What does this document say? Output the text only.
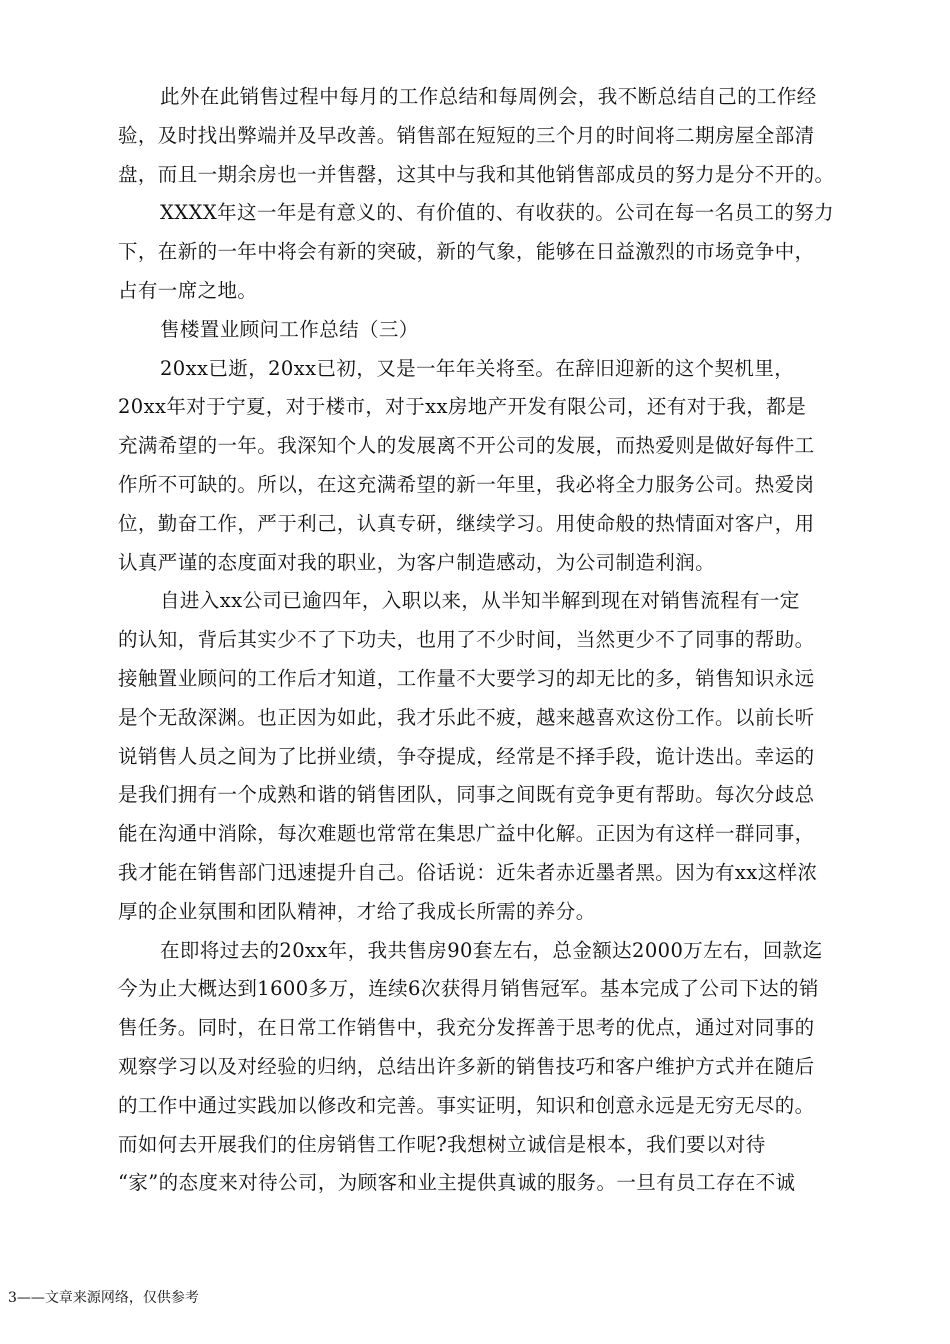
此外在此销售过程中每月的工作总结和每周例会，我不断总结自己的工作经
验，及时找出弊端并及早改善。销售部在短短的三个月的时间将二期房屋全部清
盘，而且一期余房也一并售罄，这其中与我和其他销售部成员的努力是分不开的。
XXXX年这一年是有意义的、有价值的、有收获的。公司在每一名员工的努力
下，在新的一年中将会有新的突破，新的气象，能够在日益激烈的市场竞争中，
占有一席之地。
售楼置业顾问工作总结（三）
20xx已逝，20xx已初，又是一年年关将至。在辞旧迎新的这个契机里，
20xx年对于宁夏，对于楼市，对于xx房地产开发有限公司，还有对于我，都是
充满希望的一年。我深知个人的发展离不开公司的发展，而热爱则是做好每件工
作所不可缺的。所以，在这充满希望的新一年里，我必将全力服务公司。热爱岗
位，勤奋工作，严于利己，认真专研，继续学习。用使命般的热情面对客户，用
认真严谨的态度面对我的职业，为客户制造感动，为公司制造利润。
自进入xx公司已逾四年，入职以来，从半知半解到现在对销售流程有一定
的认知，背后其实少不了下功夫，也用了不少时间，当然更少不了同事的帮助。
接触置业顾问的工作后才知道，工作量不大要学习的却无比的多，销售知识永远
是个无敌深渊。也正因为如此，我才乐此不疲，越来越喜欢这份工作。以前长听
说销售人员之间为了比拼业绩，争夺提成，经常是不择手段，诡计迭出。幸运的
是我们拥有一个成熟和谐的销售团队，同事之间既有竞争更有帮助。每次分歧总
能在沟通中消除，每次难题也常常在集思广益中化解。正因为有这样一群同事，
我才能在销售部门迅速提升自己。俗话说：近朱者赤近墨者黑。因为有xx这样浓
厚的企业氛围和团队精神，才给了我成长所需的养分。
在即将过去的20xx年，我共售房90套左右，总金额达2000万左右，回款迄
今为止大概达到1600多万，连续6次获得月销售冠军。基本完成了公司下达的销
售任务。同时，在日常工作销售中，我充分发挥善于思考的优点，通过对同事的
观察学习以及对经验的归纳，总结出许多新的销售技巧和客户维护方式并在随后
的工作中通过实践加以修改和完善。事实证明，知识和创意永远是无穷无尽的。
而如何去开展我们的住房销售工作呢?我想树立诚信是根本，我们要以对待
“家”的态度来对待公司，为顾客和业主提供真诚的服务。一旦有员工存在不诚
3——文章来源网络，仅供参考
